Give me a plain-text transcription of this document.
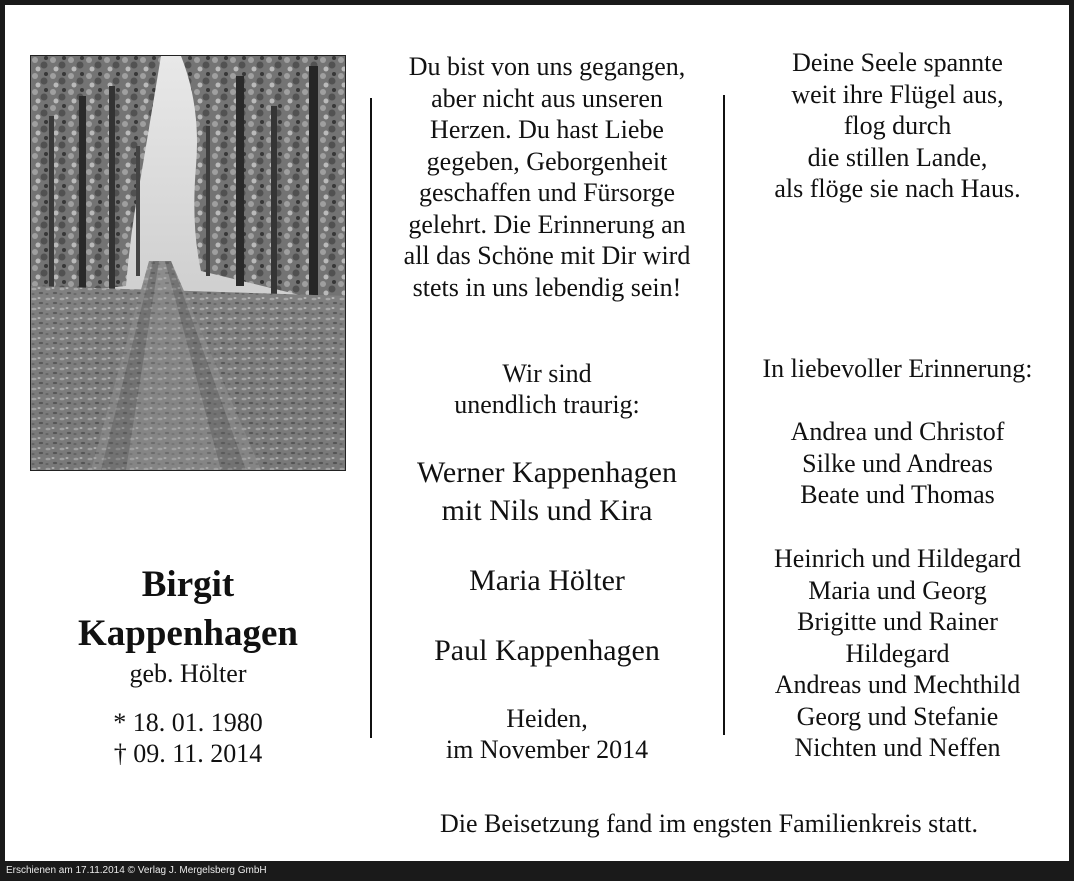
Birgit
Kappenhagen
geb. Hölter
* 18. 01. 1980
† 09. 11. 2014
Du bist von uns gegangen,
aber nicht aus unseren
Herzen. Du hast Liebe
gegeben, Geborgenheit
geschaffen und Fürsorge
gelehrt. Die Erinnerung an
all das Schöne mit Dir wird
stets in uns lebendig sein!
Wir sind
unendlich traurig:
Werner Kappenhagen
mit Nils und Kira
Maria Hölter
Paul Kappenhagen
Heiden,
im November 2014
Deine Seele spannte
weit ihre Flügel aus,
flog durch
die stillen Lande,
als flöge sie nach Haus.
In liebevoller Erinnerung:
Andrea und Christof
Silke und Andreas
Beate und Thomas
Heinrich und Hildegard
Maria und Georg
Brigitte und Rainer
Hildegard
Andreas und Mechthild
Georg und Stefanie
Nichten und Neffen
Die Beisetzung fand im engsten Familienkreis statt.
Erschienen am 17.11.2014 © Verlag J. Mergelsberg GmbH
